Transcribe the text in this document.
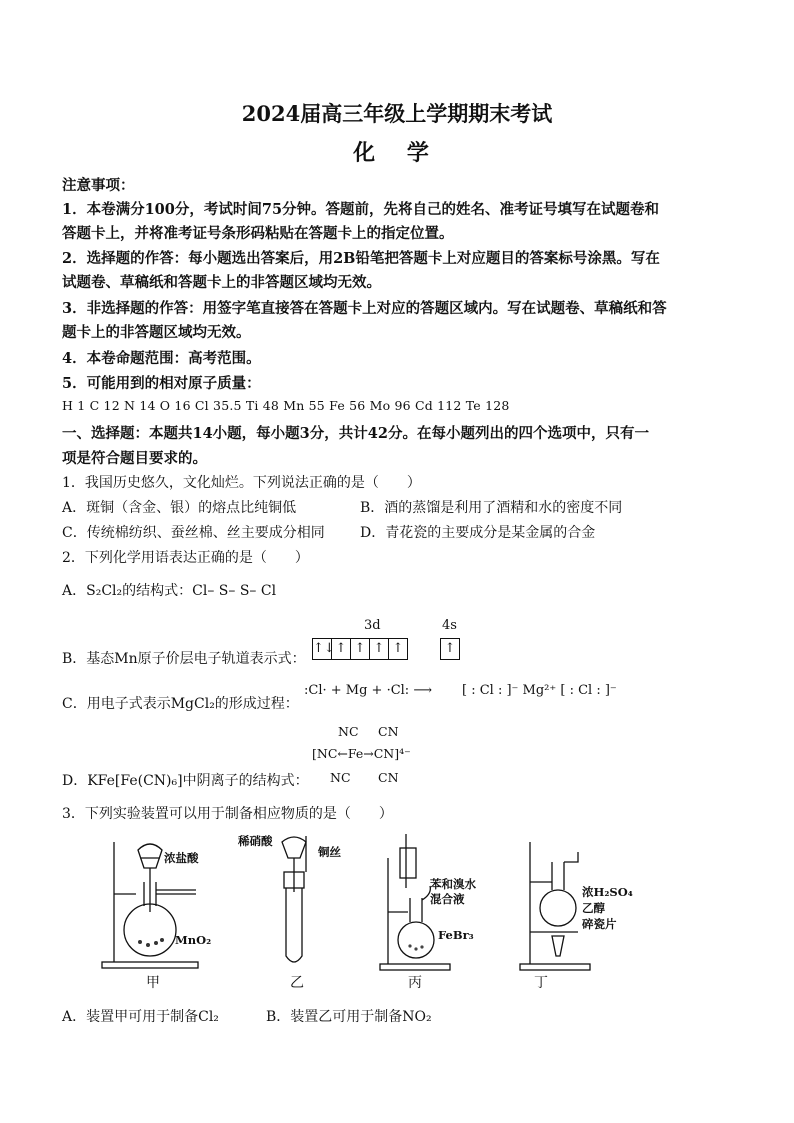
2024届高三年级上学期期末考试
化 学
注意事项：
1．本卷满分100分，考试时间75分钟。答题前，先将自己的姓名、准考证号填写在试题卷和
答题卡上，并将准考证号条形码粘贴在答题卡上的指定位置。
2．选择题的作答：每小题选出答案后，用2B铅笔把答题卡上对应题目的答案标号涂黑。写在
试题卷、草稿纸和答题卡上的非答题区域均无效。
3．非选择题的作答：用签字笔直接答在答题卡上对应的答题区域内。写在试题卷、草稿纸和答
题卡上的非答题区域均无效。
4．本卷命题范围：高考范围。
5．可能用到的相对原子质量：
H 1 C 12 N 14 O 16 Cl 35.5 Ti 48 Mn 55 Fe 56 Mo 96 Cd 112 Te 128
一、选择题：本题共14小题，每小题3分，共计42分。在每小题列出的四个选项中，只有一
项是符合题目要求的。
1．我国历史悠久，文化灿烂。下列说法正确的是（　　）
A．斑铜（含金、银）的熔点比纯铜低	B．酒的蒸馏是利用了酒精和水的密度不同
C．传统棉纺织、蚕丝棉、丝主要成分相同	D．青花瓷的主要成分是某金属的合金
2．下列化学用语表达正确的是（　　）
A．S₂Cl₂的结构式：Cl– S– S– Cl
B．基态Mn原子价层电子轨道表示式：
3d	4s
↑↓ ↑ ↑ ↑ ↑	↑
C．用电子式表示MgCl₂的形成过程：
:Cl· + Mg + ·Cl: ⟶ [ : Cl : ]⁻ Mg²⁺ [ : Cl : ]⁻
D．KFe[Fe(CN)₆]中阴离子的结构式：
NC CN
[NC←Fe→CN]⁴⁻
NC CN
3．下列实验装置可以用于制备相应物质的是（　　）
浓盐酸
MnO₂
稀硝酸
铜丝
苯和溴水
混合液
FeBr₃
浓H₂SO₄
乙醇
碎瓷片
甲	乙	丙	丁
A．装置甲可用于制备Cl₂	B．装置乙可用于制备NO₂
